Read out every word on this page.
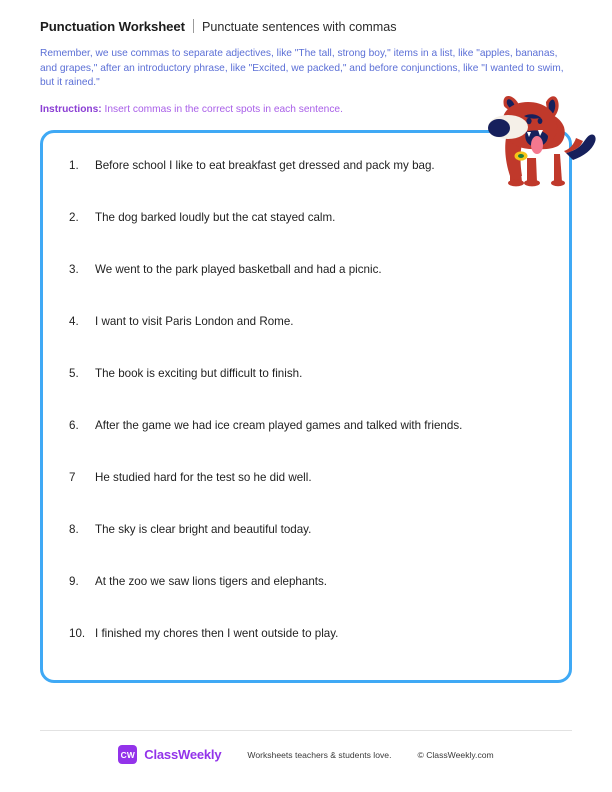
Punctuation Worksheet Punctuate sentences with commas
Remember, we use commas to separate adjectives, like "The tall, strong boy," items in a list, like "apples, bananas, and grapes," after an introductory phrase, like "Excited, we packed," and before conjunctions, like "I wanted to swim, but it rained."
Instructions: Insert commas in the correct spots in each sentence.
1.	Before school I like to eat breakfast get dressed and pack my bag.
2.	The dog barked loudly but the cat stayed calm.
3.	We went to the park played basketball and had a picnic.
4.	I want to visit Paris London and Rome.
5.	The book is exciting but difficult to finish.
6.	After the game we had ice cream played games and talked with friends.
7	He studied hard for the test so he did well.
8.	The sky is clear bright and beautiful today.
9.	At the zoo we saw lions tigers and elephants.
10. I finished my chores then I went outside to play.
CW ClassWeekly	Worksheets teachers & students love.	© ClassWeekly.com
